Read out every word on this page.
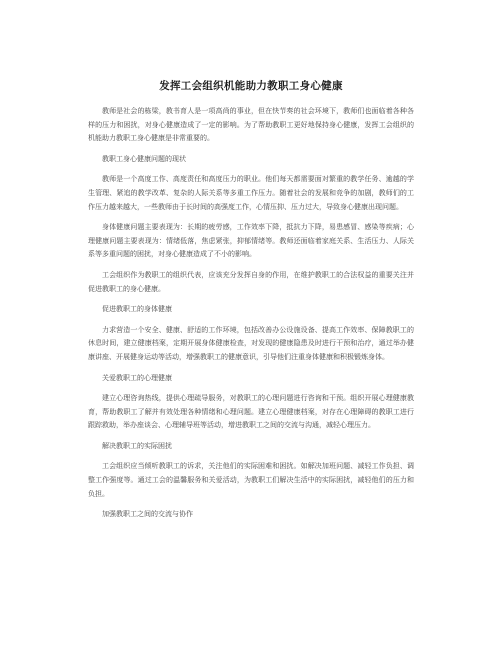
发挥工会组织机能助力教职工身心健康

教师是社会的栋梁，教书育人是一项高尚的事业，但在快节奏的社会环境下，教师们也面临着各种各样的压力和困扰，对身心健康造成了一定的影响。为了帮助教职工更好地保持身心健康，发挥工会组织的机能助力教职工身心健康是非常重要的。

教职工身心健康问题的现状

教师是一个高度工作、高度责任和高度压力的职业。他们每天都需要面对繁重的教学任务、逾越的学生管理、紧追的教学改革、复杂的人际关系等多重工作压力。随着社会的发展和竞争的加剧，教师们的工作压力越来越大，一些教师由于长时间的高强度工作，心情压抑、压力过大，导致身心健康出现问题。

身体健康问题主要表现为：长期的疲劳感，工作效率下降，抵抗力下降，易患感冒、感染等疾病；心理健康问题主要表现为：情绪低落，焦虑紧张，抑郁情绪等。教师还面临着家庭关系、生活压力、人际关系等多重问题的困扰，对身心健康造成了不小的影响。

工会组织作为教职工的组织代表，应该充分发挥自身的作用，在维护教职工的合法权益的重要关注并促进教职工的身心健康。

促进教职工的身体健康

力求营造一个安全、健康、舒适的工作环境，包括改善办公设施设备、提高工作效率、保障教职工的休息时间，建立健康档案，定期开展身体健康检查，对发现的健康隐患及时进行干预和治疗，通过举办健康讲座、开展健身运动等活动，增强教职工的健康意识，引导他们注重身体健康和积极锻炼身体。

关爱教职工的心理健康

建立心理咨询热线，提供心理疏导服务，对教职工的心理问题进行咨询和干预。组织开展心理健康教育，帮助教职工了解并有效处理各种情绪和心理问题。建立心理健康档案，对存在心理障碍的教职工进行跟踪救助，举办座谈会、心理辅导班等活动，增进教职工之间的交流与沟通，减轻心理压力。

解决教职工的实际困扰

工会组织应当倾听教职工的诉求，关注他们的实际困难和困扰。如解决加班问题、减轻工作负担、调整工作强度等。通过工会的温馨服务和关爱活动，为教职工们解决生活中的实际困扰，减轻他们的压力和负担。

加强教职工之间的交流与协作
